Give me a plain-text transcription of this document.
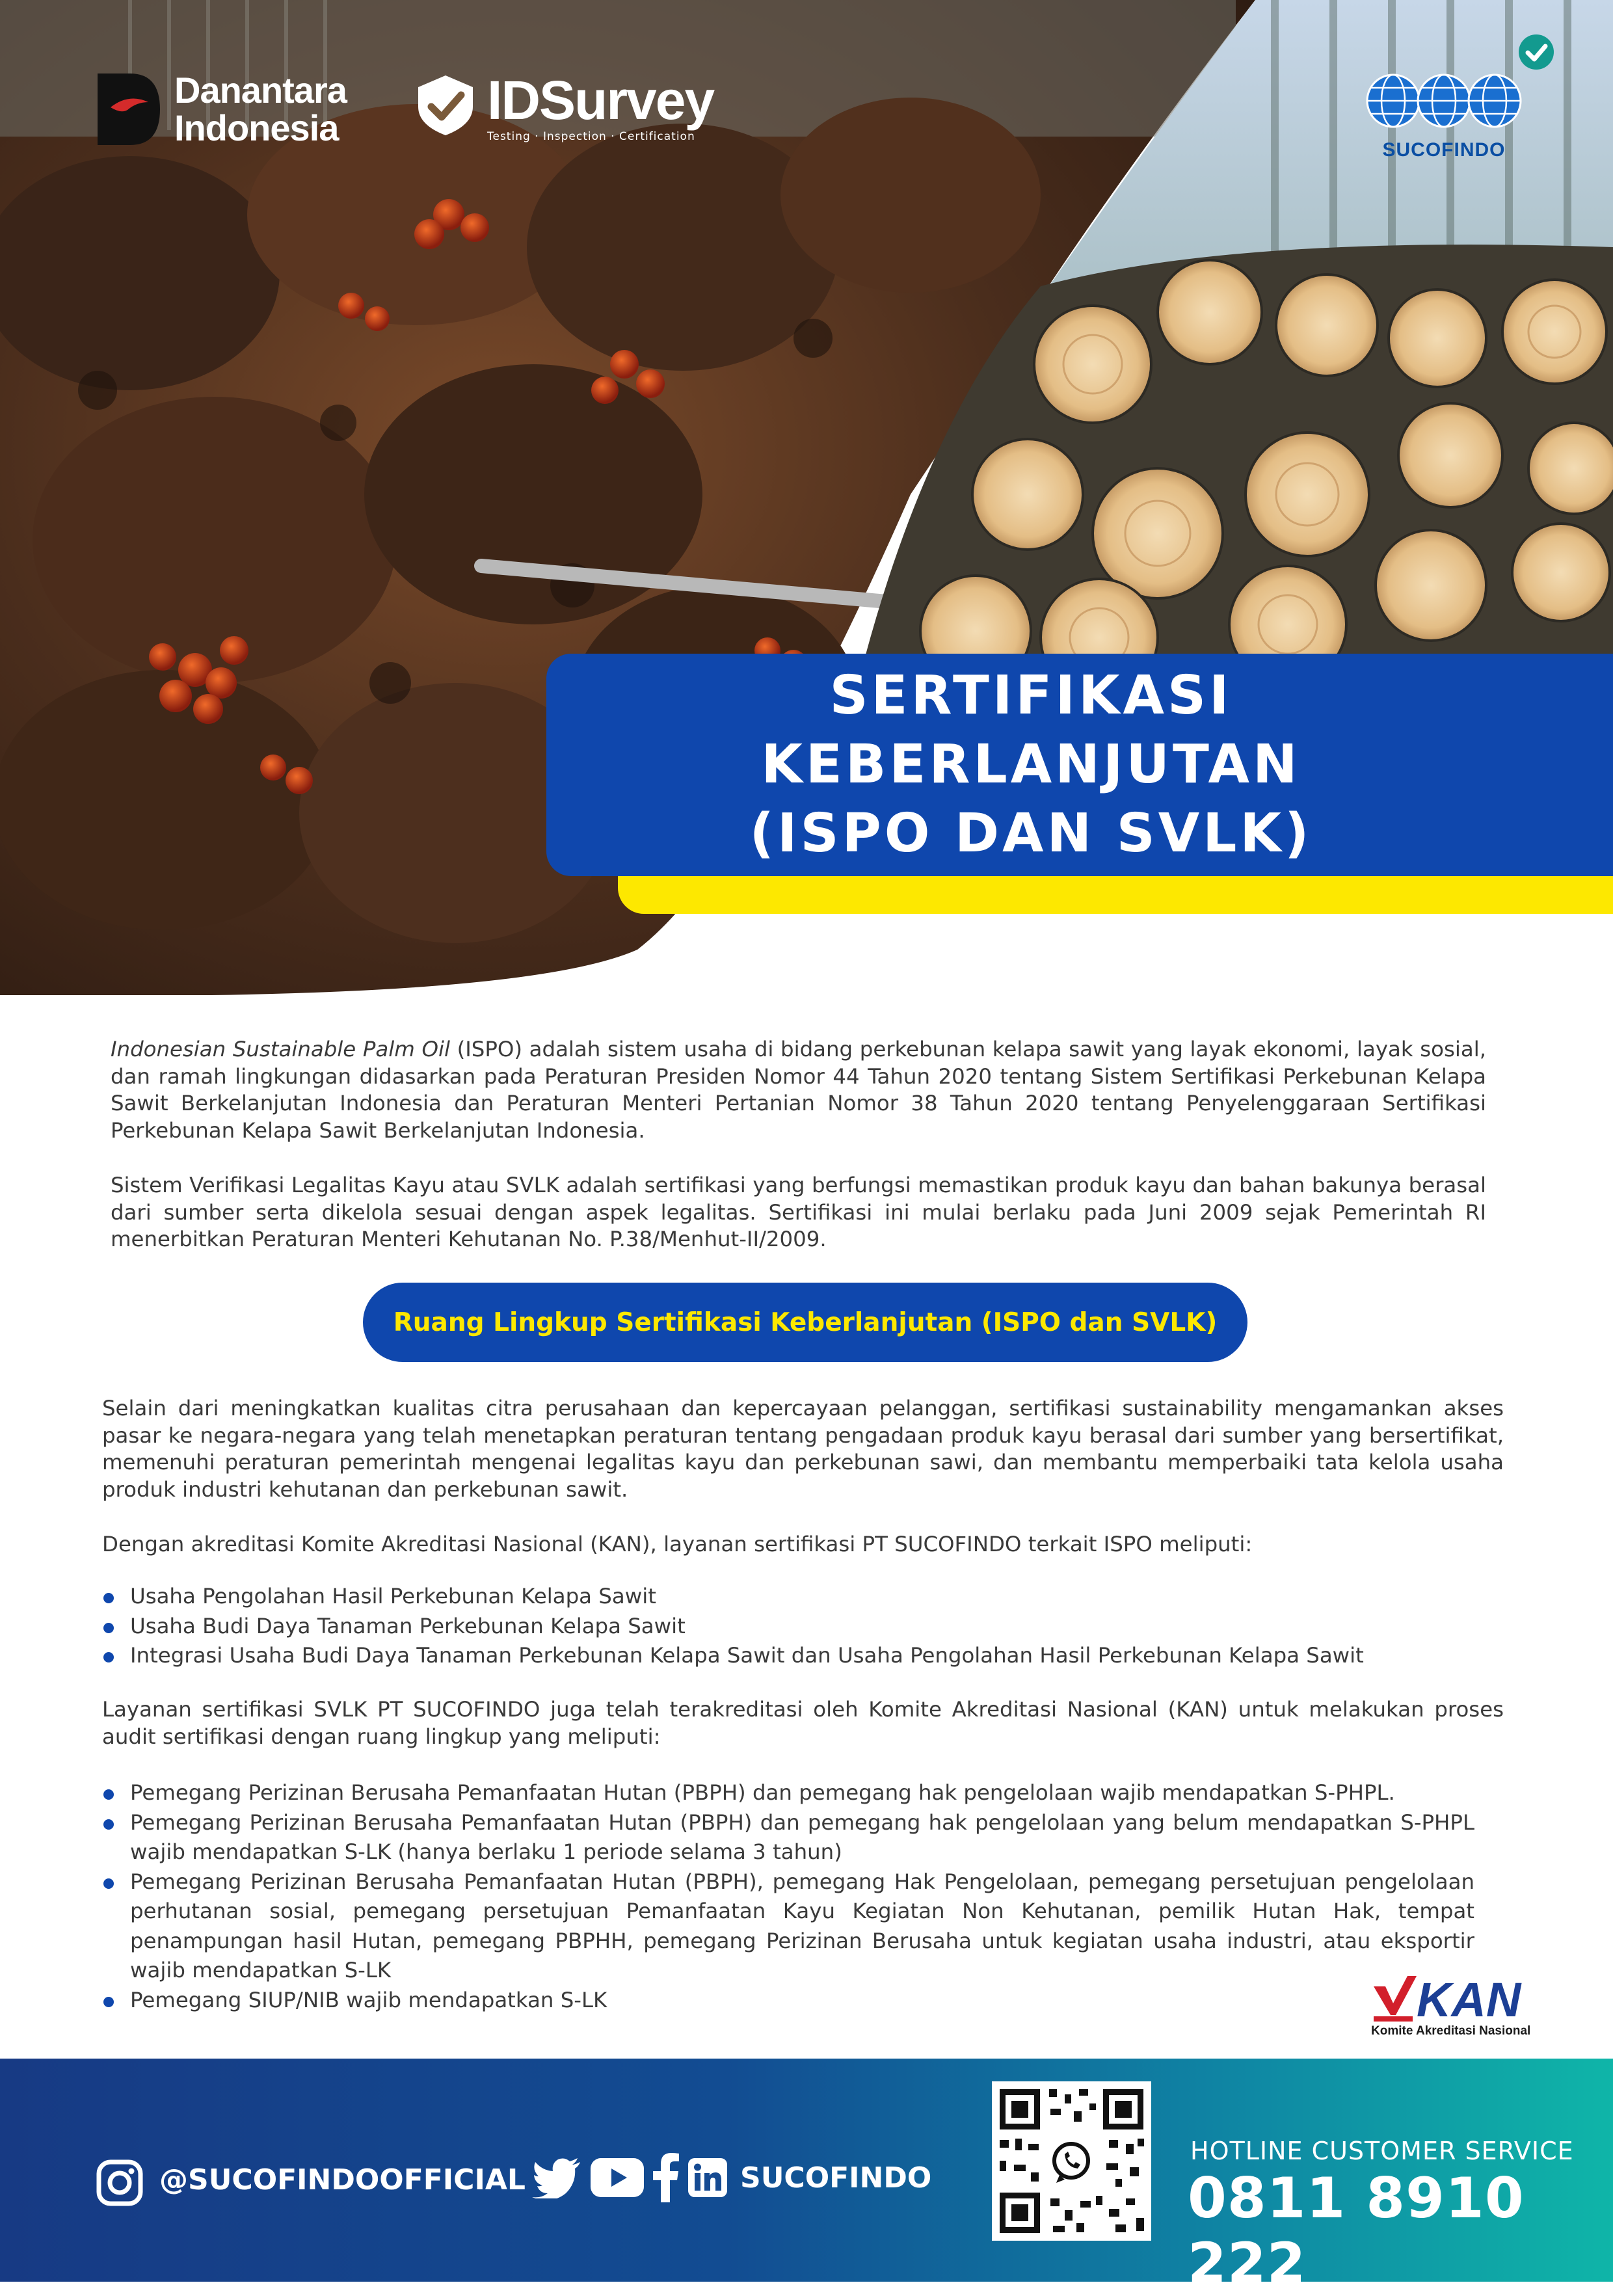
Danantara
Indonesia	IDSurvey
Testing · Inspection · Certification
SUCOFINDO
SERTIFIKASI KEBERLANJUTAN
(ISPO DAN SVLK)
Indonesian Sustainable Palm Oil (ISPO) adalah sistem usaha di bidang perkebunan kelapa sawit yang layak ekonomi, layak sosial, dan ramah lingkungan didasarkan pada Peraturan Presiden Nomor 44 Tahun 2020 tentang Sistem Sertifikasi Perkebunan Kelapa Sawit Berkelanjutan Indonesia dan Peraturan Menteri Pertanian Nomor 38 Tahun 2020 tentang Penyelenggaraan Sertifikasi Perkebunan Kelapa Sawit Berkelanjutan Indonesia.
Sistem Verifikasi Legalitas Kayu atau SVLK adalah sertifikasi yang berfungsi memastikan produk kayu dan bahan bakunya berasal dari sumber serta dikelola sesuai dengan aspek legalitas. Sertifikasi ini mulai berlaku pada Juni 2009 sejak Pemerintah RI menerbitkan Peraturan Menteri Kehutanan No. P.38/Menhut-II/2009.
Ruang Lingkup Sertifikasi Keberlanjutan (ISPO dan SVLK)
Selain dari meningkatkan kualitas citra perusahaan dan kepercayaan pelanggan, sertifikasi sustainability mengamankan akses pasar ke negara-negara yang telah menetapkan peraturan tentang pengadaan produk kayu berasal dari sumber yang bersertifikat, memenuhi peraturan pemerintah mengenai legalitas kayu dan perkebunan sawi, dan membantu memperbaiki tata kelola usaha produk industri kehutanan dan perkebunan sawit.
Dengan akreditasi Komite Akreditasi Nasional (KAN), layanan sertifikasi PT SUCOFINDO terkait ISPO meliputi:
Usaha Pengolahan Hasil Perkebunan Kelapa Sawit
Usaha Budi Daya Tanaman Perkebunan Kelapa Sawit
Integrasi Usaha Budi Daya Tanaman Perkebunan Kelapa Sawit dan Usaha Pengolahan Hasil Perkebunan Kelapa Sawit
Layanan sertifikasi SVLK PT SUCOFINDO juga telah terakreditasi oleh Komite Akreditasi Nasional (KAN) untuk melakukan proses audit sertifikasi dengan ruang lingkup yang meliputi:
Pemegang Perizinan Berusaha Pemanfaatan Hutan (PBPH) dan pemegang hak pengelolaan wajib mendapatkan S-PHPL.
Pemegang Perizinan Berusaha Pemanfaatan Hutan (PBPH) dan pemegang hak pengelolaan yang belum mendapatkan S-PHPL wajib mendapatkan S-LK (hanya berlaku 1 periode selama 3 tahun)
Pemegang Perizinan Berusaha Pemanfaatan Hutan (PBPH), pemegang Hak Pengelolaan, pemegang persetujuan pengelolaan perhutanan sosial, pemegang persetujuan Pemanfaatan Kayu Kegiatan Non Kehutanan, pemilik Hutan Hak, tempat penampungan hasil Hutan, pemegang PBPHH, pemegang Perizinan Berusaha untuk kegiatan usaha industri, atau eksportir wajib mendapatkan S-LK
Pemegang SIUP/NIB wajib mendapatkan S-LK	KAN
Komite Akreditasi Nasional
@SUCOFINDOOFFICIAL	SUCOFINDO
HOTLINE CUSTOMER SERVICE
0811 8910 222
